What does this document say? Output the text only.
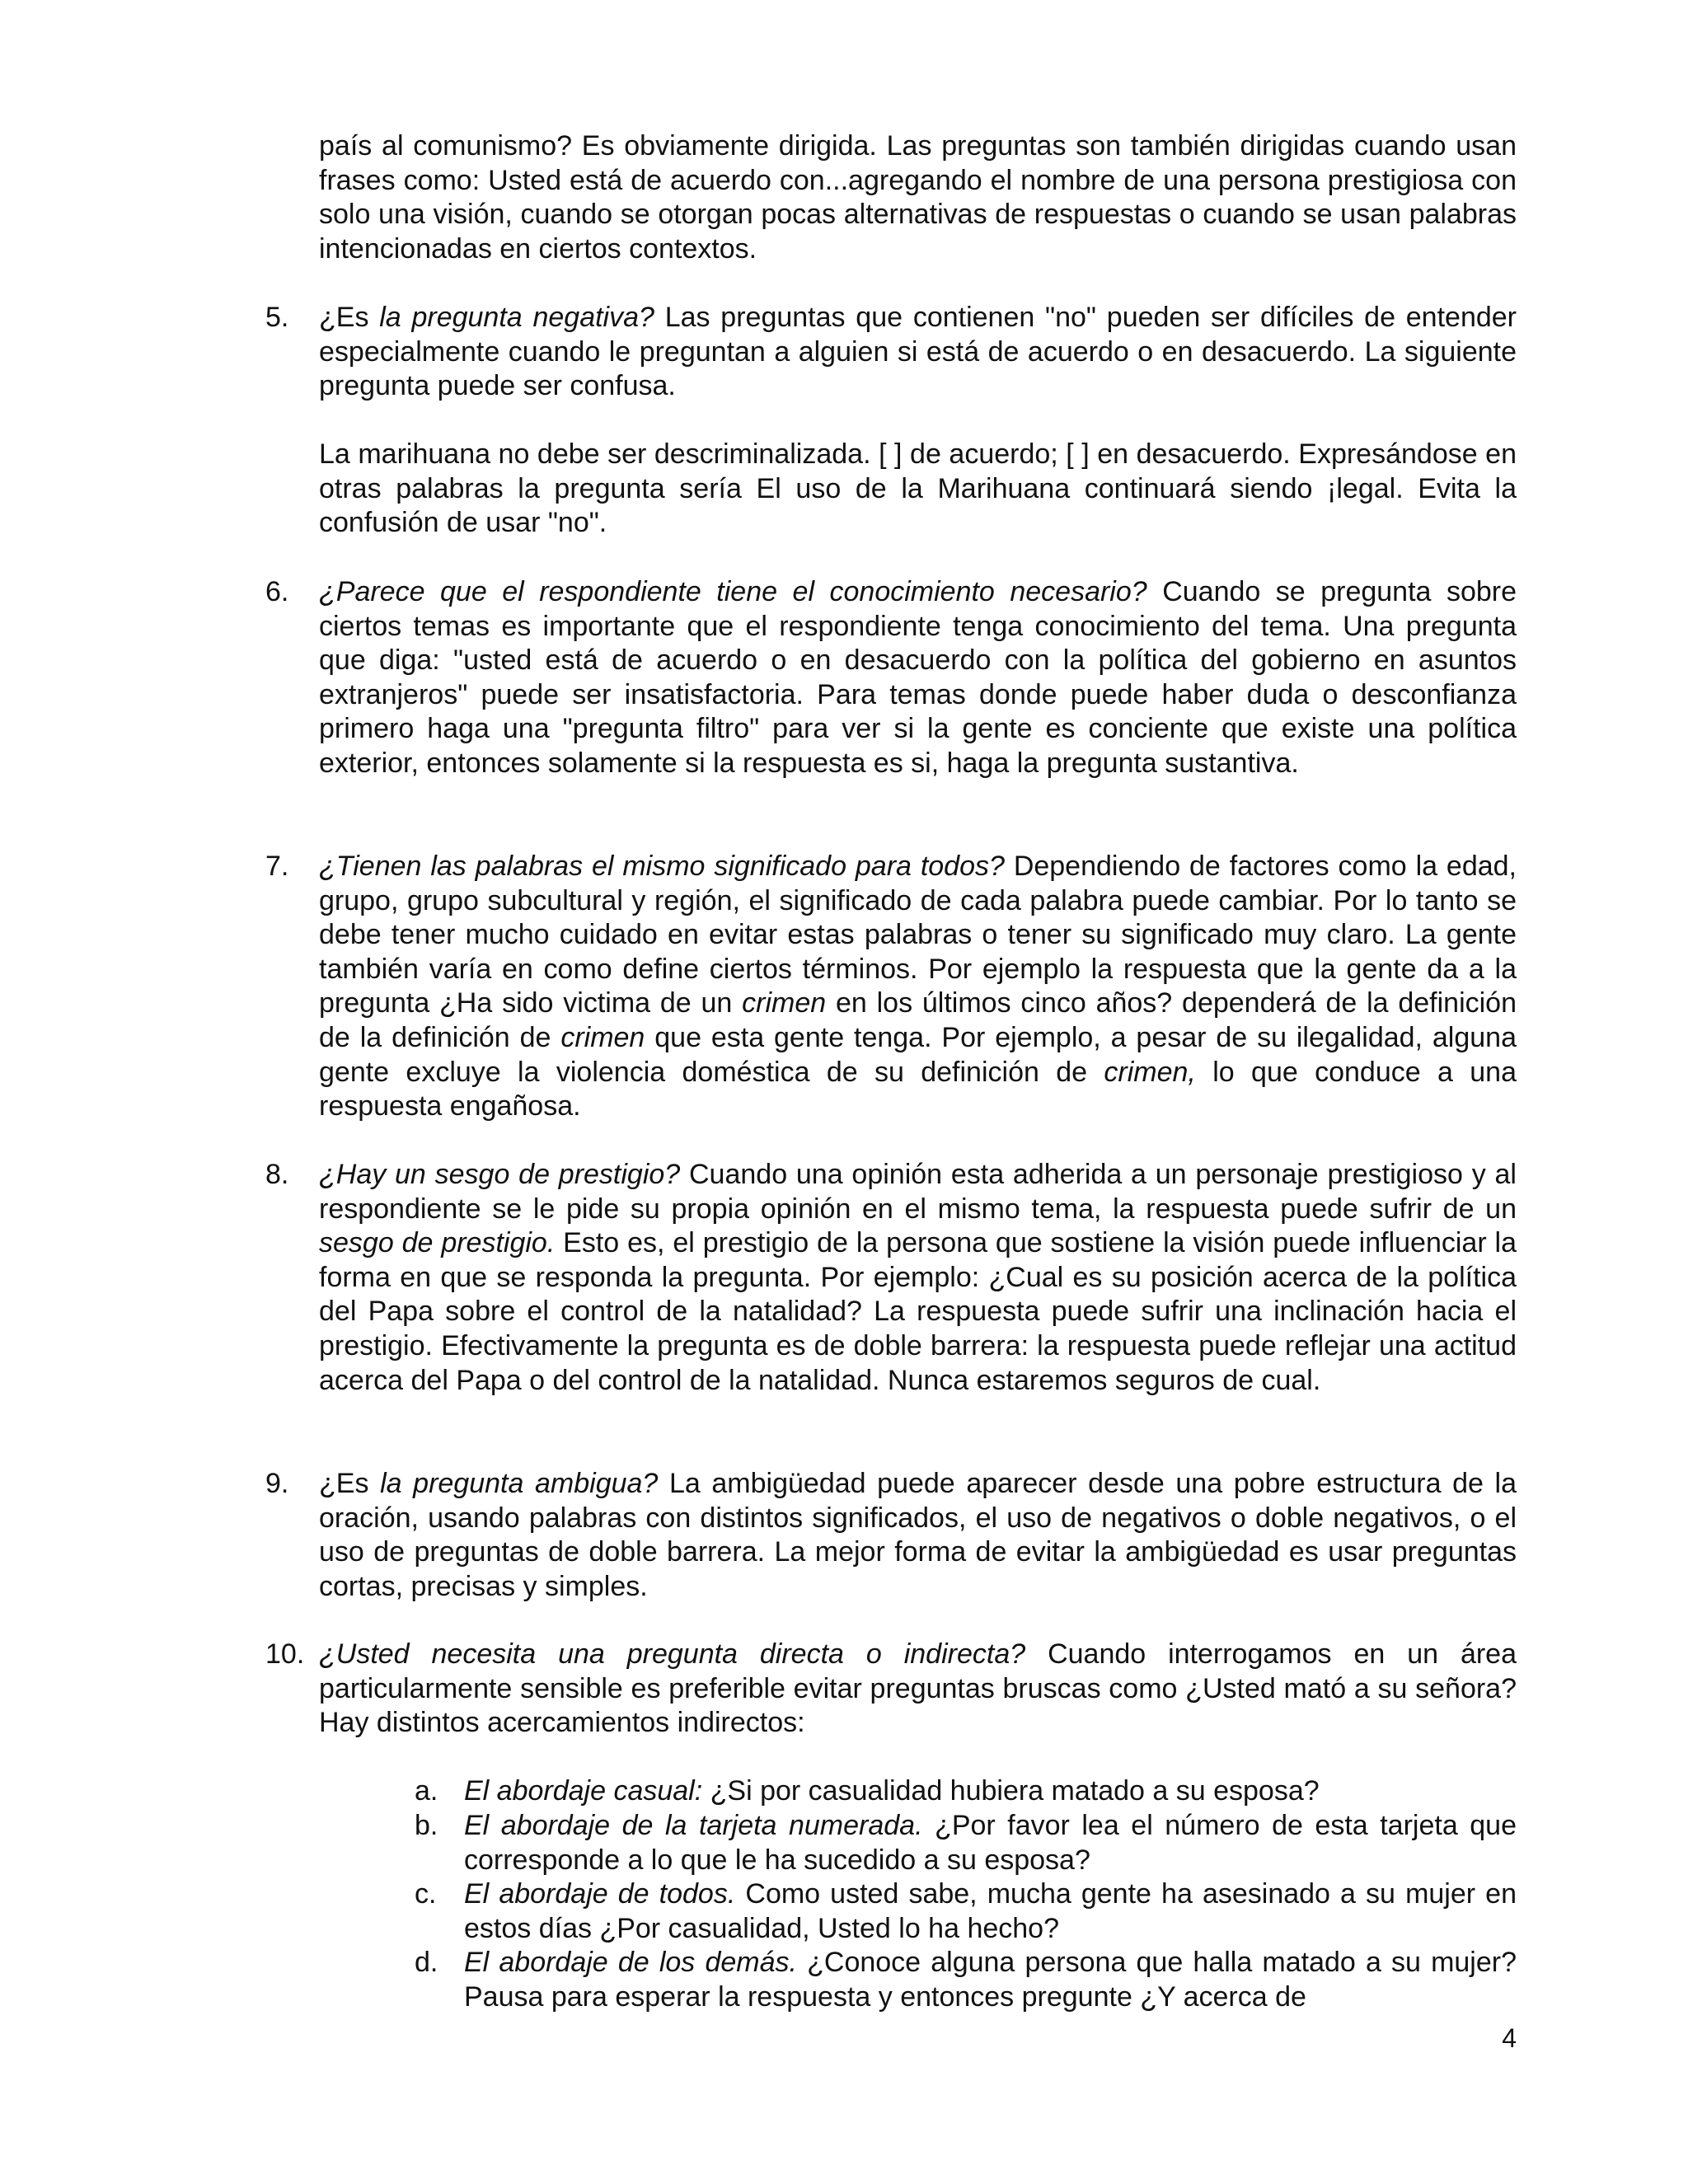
país al comunismo? Es obviamente dirigida. Las preguntas son también dirigidas cuando usan frases como: Usted está de acuerdo con...agregando el nombre de una persona prestigiosa con solo una visión, cuando se otorgan pocas alternativas de respuestas o cuando se usan palabras intencionadas en ciertos contextos.

5.	¿Es la pregunta negativa? Las preguntas que contienen "no" pueden ser difíciles de entender especialmente cuando le preguntan a alguien si está de acuerdo o en desacuerdo. La siguiente pregunta puede ser confusa.

La marihuana no debe ser descriminalizada. [ ] de acuerdo; [ ] en desacuerdo. Expresándose en otras palabras la pregunta sería El uso de la Marihuana continuará siendo ¡legal. Evita la confusión de usar "no".

6.	¿Parece que el respondiente tiene el conocimiento necesario? Cuando se pregunta sobre ciertos temas es importante que el respondiente tenga conocimiento del tema. Una pregunta que diga: "usted está de acuerdo o en desacuerdo con la política del gobierno en asuntos extranjeros" puede ser insatisfactoria. Para temas donde puede haber duda o desconfianza primero haga una "pregunta filtro" para ver si la gente es conciente que existe una política exterior, entonces solamente si la respuesta es si, haga la pregunta sustantiva.

7.	¿Tienen las palabras el mismo significado para todos? Dependiendo de factores como la edad, grupo, grupo subcultural y región, el significado de cada palabra puede cambiar. Por lo tanto se debe tener mucho cuidado en evitar estas palabras o tener su significado muy claro. La gente también varía en como define ciertos términos. Por ejemplo la respuesta que la gente da a la pregunta ¿Ha sido victima de un crimen en los últimos cinco años? dependerá de la definición de la definición de crimen que esta gente tenga. Por ejemplo, a pesar de su ilegalidad, alguna gente excluye la violencia doméstica de su definición de crimen, lo que conduce a una respuesta engañosa.

8.	¿Hay un sesgo de prestigio? Cuando una opinión esta adherida a un personaje prestigioso y al respondiente se le pide su propia opinión en el mismo tema, la respuesta puede sufrir de un sesgo de prestigio. Esto es, el prestigio de la persona que sostiene la visión puede influenciar la forma en que se responda la pregunta. Por ejemplo: ¿Cual es su posición acerca de la política del Papa sobre el control de la natalidad? La respuesta puede sufrir una inclinación hacia el prestigio. Efectivamente la pregunta es de doble barrera: la respuesta puede reflejar una actitud acerca del Papa o del control de la natalidad. Nunca estaremos seguros de cual.

9.	¿Es la pregunta ambigua? La ambigüedad puede aparecer desde una pobre estructura de la oración, usando palabras con distintos significados, el uso de negativos o doble negativos, o el uso de preguntas de doble barrera. La mejor forma de evitar la ambigüedad es usar preguntas cortas, precisas y simples.

10. ¿Usted necesita una pregunta directa o indirecta? Cuando interrogamos en un área particularmente sensible es preferible evitar preguntas bruscas como ¿Usted mató a su señora? Hay distintos acercamientos indirectos:

a. El abordaje casual: ¿Si por casualidad hubiera matado a su esposa?

b. El abordaje de la tarjeta numerada. ¿Por favor lea el número de esta tarjeta que corresponde a lo que le ha sucedido a su esposa?

c. El abordaje de todos. Como usted sabe, mucha gente ha asesinado a su mujer en estos días ¿Por casualidad, Usted lo ha hecho?

d. El abordaje de los demás. ¿Conoce alguna persona que halla matado a su mujer? Pausa para esperar la respuesta y entonces pregunte ¿Y acerca de

4
